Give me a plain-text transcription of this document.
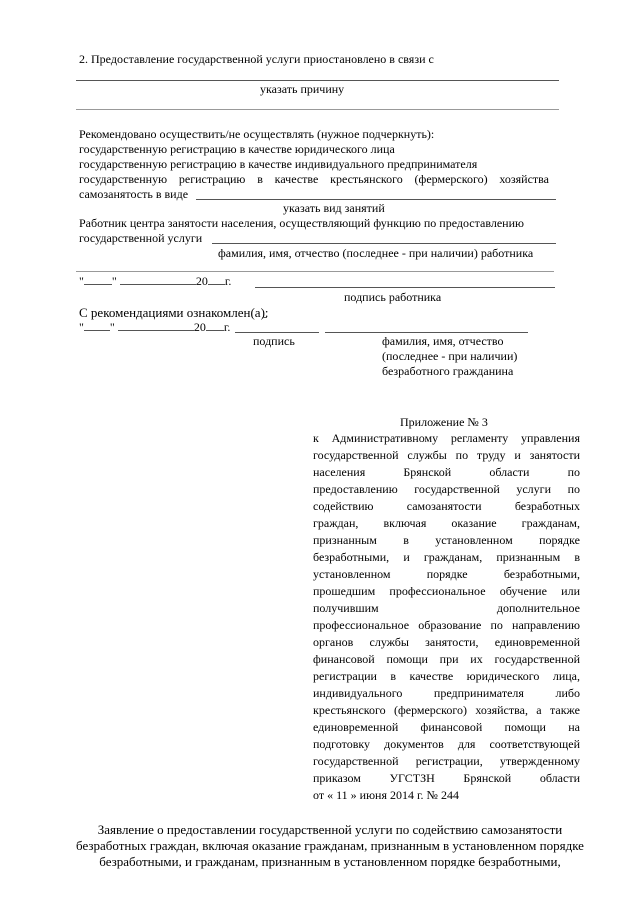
2. Предоставление государственной услуги приостановлено в связи с
указать причину
Рекомендовано осуществить/не осуществлять (нужное подчеркнуть):
государственную регистрацию в качестве юридического лица
государственную регистрацию в качестве индивидуального предпринимателя
государственную регистрацию в качестве крестьянского (фермерского) хозяйства
самозанятость в виде
указать вид занятий
Работник центра занятости населения, осуществляющий функцию по предоставлению
государственной услуги
фамилия, имя, отчество (последнее - при наличии) работника
" "	20 г.
подпись работника
С рекомендациями ознакомлен(а):
" "	20 г.
подпись	фамилия, имя, отчество
(последнее - при наличии)
безработного гражданина
Приложение № 3
к Административному регламенту управления
государственной службы по труду и занятости
населения Брянской области по
предоставлению государственной услуги по
содействию самозанятости безработных
граждан, включая оказание гражданам,
признанным в установленном порядке
безработными, и гражданам, признанным в
установленном порядке безработными,
прошедшим профессиональное обучение или
получившим дополнительное
профессиональное образование по направлению
органов службы занятости, единовременной
финансовой помощи при их государственной
регистрации в качестве юридического лица,
индивидуального предпринимателя либо
крестьянского (фермерского) хозяйства, а также
единовременной финансовой помощи на
подготовку документов для соответствующей
государственной регистрации, утвержденному
приказом УГСТЗН Брянской области
от « 11 » июня 2014 г. № 244
Заявление о предоставлении государственной услуги по содействию самозанятости
безработных граждан, включая оказание гражданам, признанным в установленном порядке
безработными, и гражданам, признанным в установленном порядке безработными,
